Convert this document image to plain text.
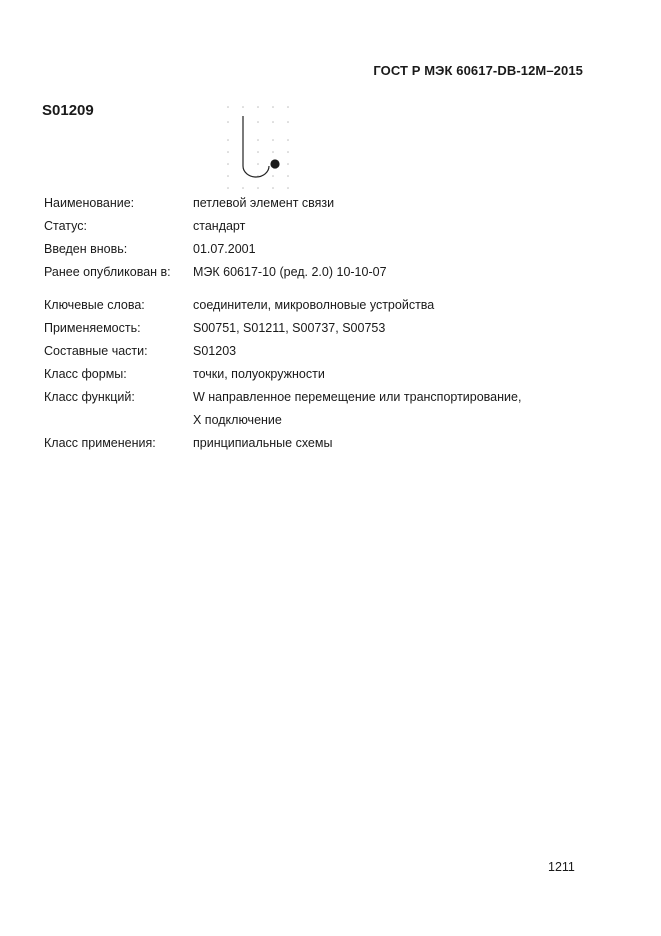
ГОСТ Р МЭК 60617-DB-12M–2015
S01209
Наименование:	петлевой элемент связи
Статус:	стандарт
Введен вновь:	01.07.2001
Ранее опубликован в:	МЭК 60617-10 (ред. 2.0) 10-10-07
Ключевые слова:	соединители, микроволновые устройства
Применяемость:	S00751, S01211, S00737, S00753
Составные части:	S01203
Класс формы:	точки, полуокружности
Класс функций:	W направленное перемещение или транспортирование,
X подключение
Класс применения:	принципиальные схемы
1211
